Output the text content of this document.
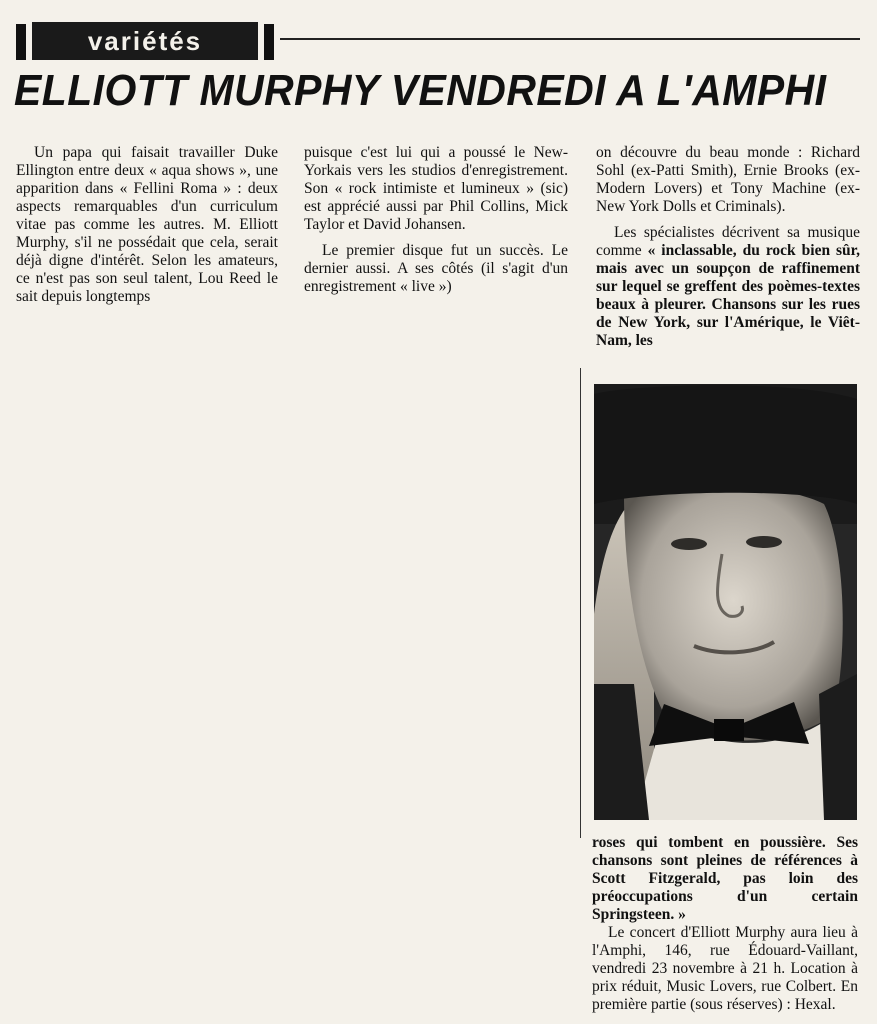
variétés
ELLIOTT MURPHY VENDREDI A L'AMPHI

Un papa qui faisait travailler Duke Ellington entre deux « aqua shows », une apparition dans « Fellini Roma » : deux aspects remarquables d'un curriculum vitae pas comme les autres. M. Elliott Murphy, s'il ne possédait que cela, serait déjà digne d'intérêt. Selon les amateurs, ce n'est pas son seul talent, Lou Reed le sait depuis longtemps

puisque c'est lui qui a poussé le New-Yorkais vers les studios d'enregistrement. Son « rock intimiste et lumineux » (sic) est apprécié aussi par Phil Collins, Mick Taylor et David Johansen.

Le premier disque fut un succès. Le dernier aussi. A ses côtés (il s'agit d'un enregistrement « live »)

on découvre du beau monde : Richard Sohl (ex-Patti Smith), Ernie Brooks (ex-Modern Lovers) et Tony Machine (ex-New York Dolls et Criminals).

Les spécialistes décrivent sa musique comme « inclassable, du rock bien sûr, mais avec un soupçon de raffinement sur lequel se greffent des poèmes-textes beaux à pleurer. Chansons sur les rues de New York, sur l'Amérique, le Viêt-Nam, les

roses qui tombent en poussière. Ses chansons sont pleines de références à Scott Fitzgerald, pas loin des préoccupations d'un certain Springsteen. »

Le concert d'Elliott Murphy aura lieu à l'Amphi, 146, rue Édouard-Vaillant, vendredi 23 novembre à 21 h. Location à prix réduit, Music Lovers, rue Colbert. En première partie (sous réserves) : Hexal.
